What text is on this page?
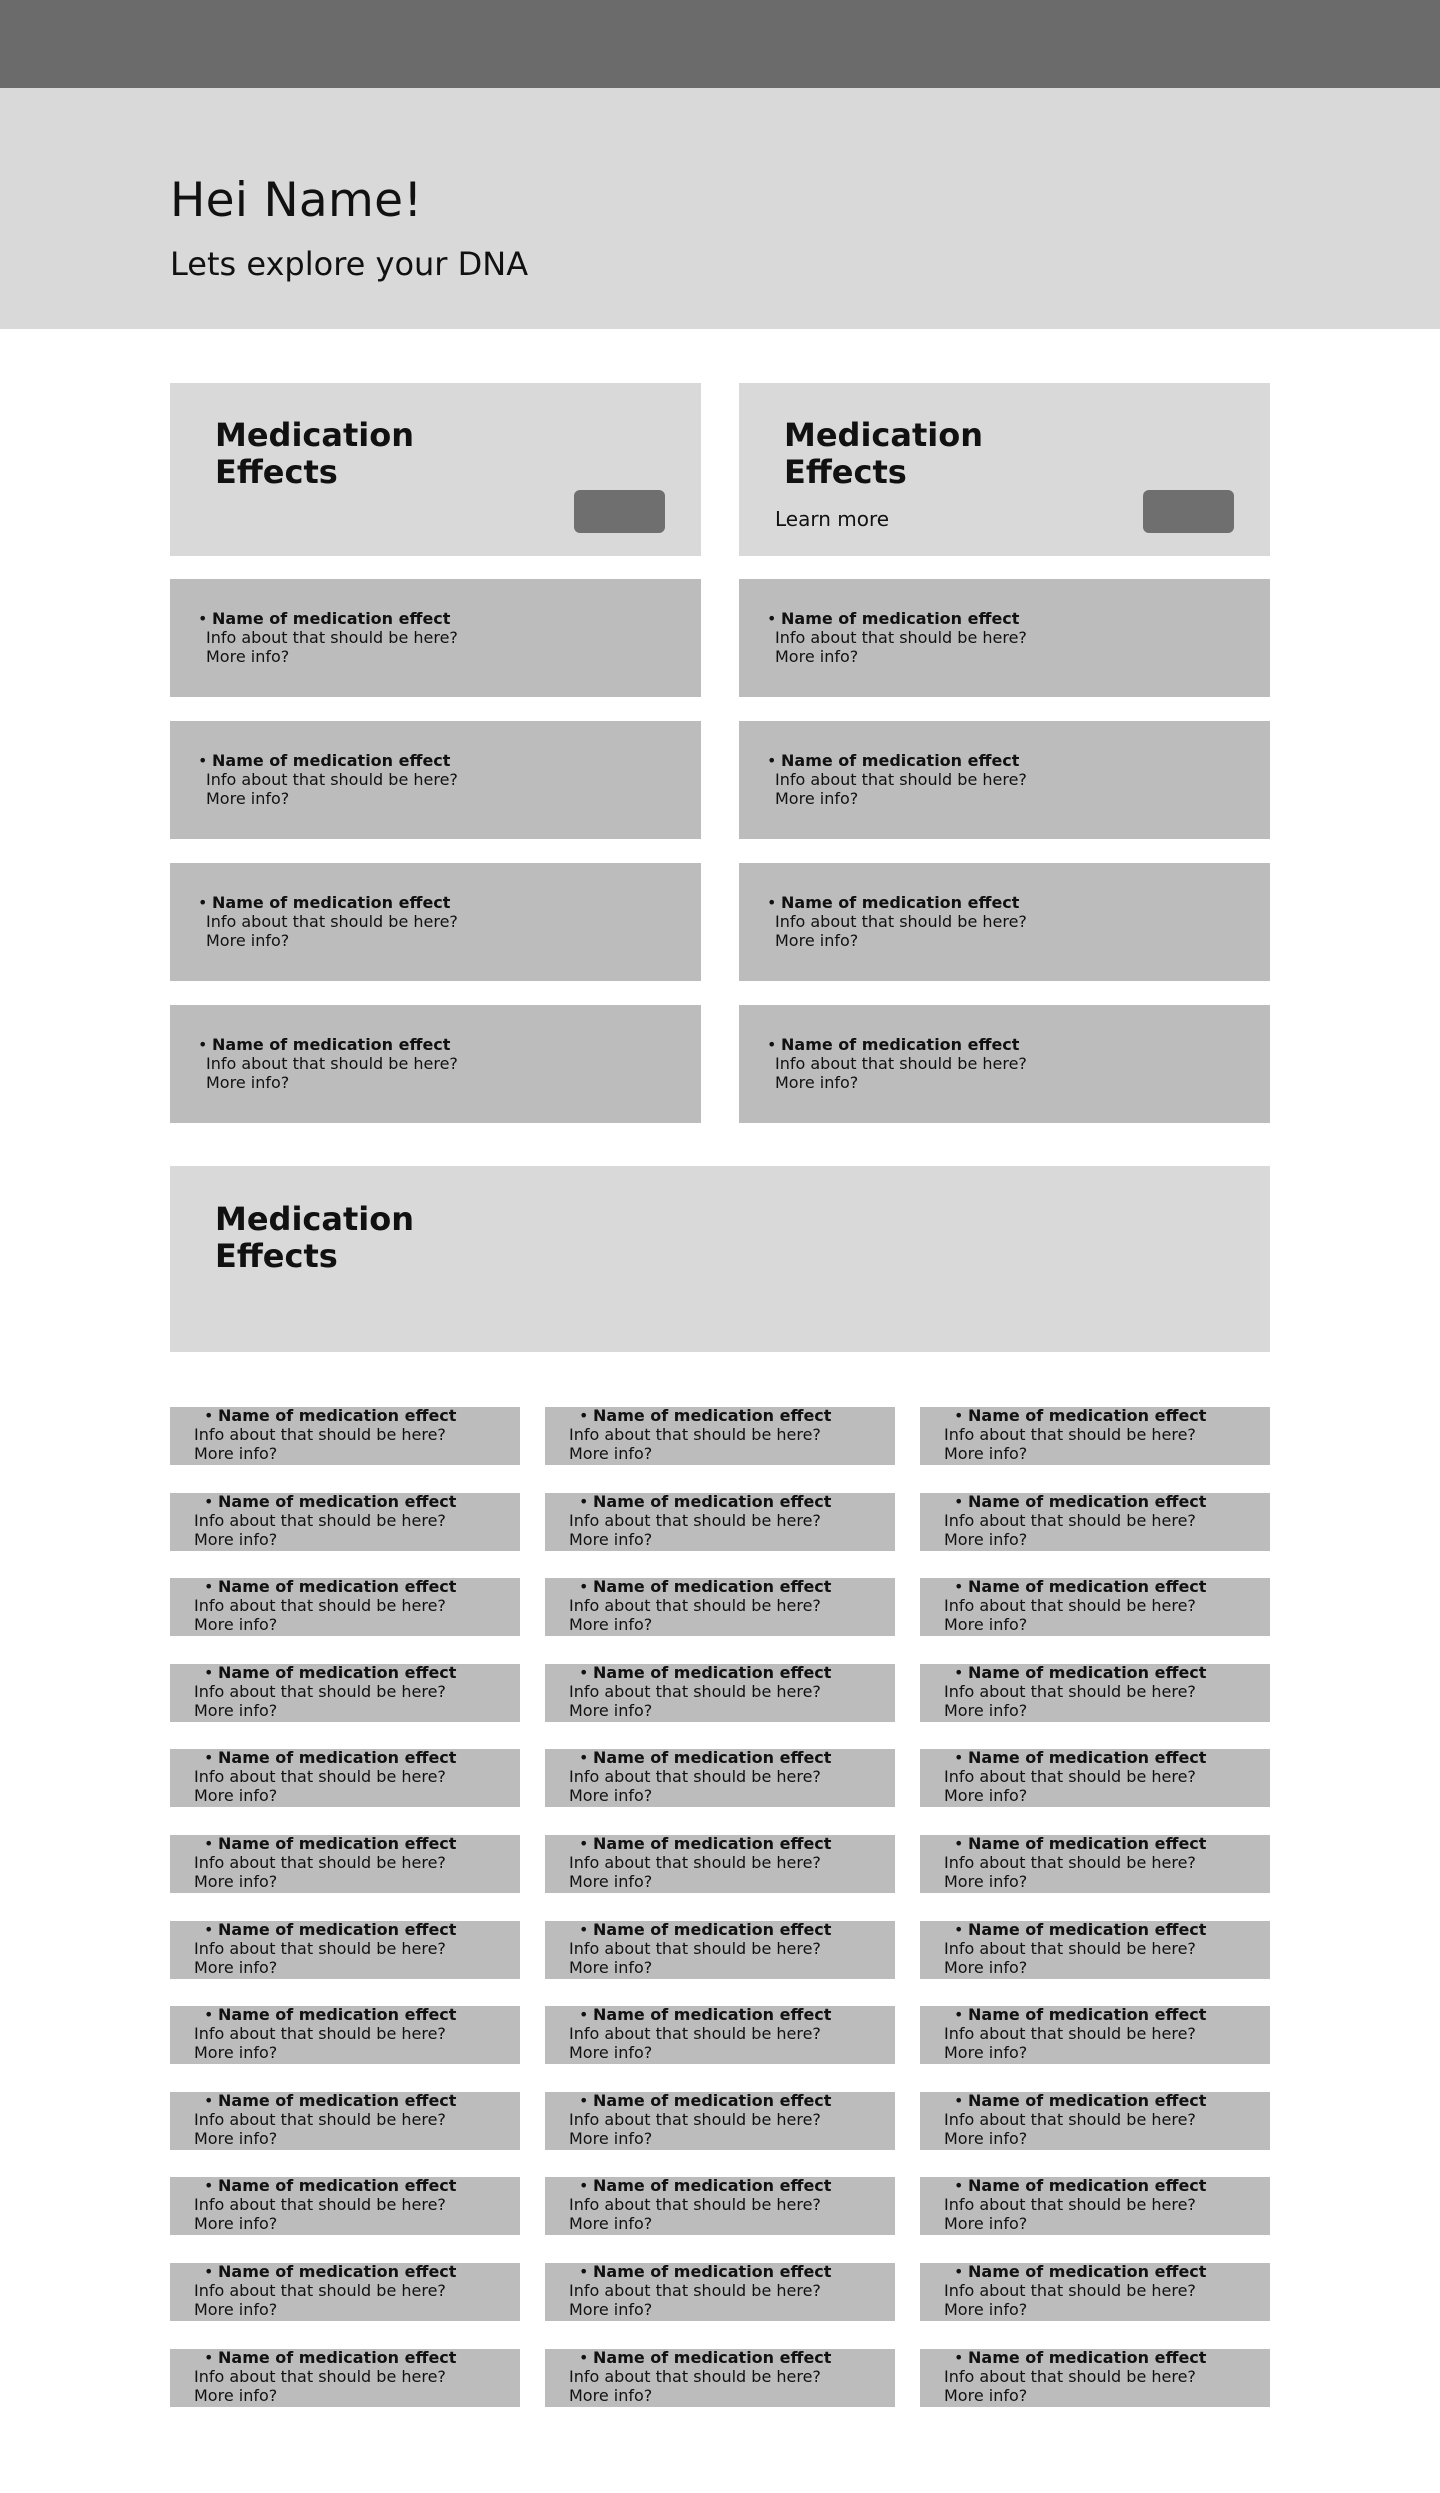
Hei Name!

Lets explore your DNA

Medication
Effects
Medication
Effects
Learn more
Medication
Effects
• Name of medication effect
Info about that should be here?
More info?
• Name of medication effect
Info about that should be here?
More info?
• Name of medication effect
Info about that should be here?
More info?
• Name of medication effect
Info about that should be here?
More info?
• Name of medication effect
Info about that should be here?
More info?
• Name of medication effect
Info about that should be here?
More info?
• Name of medication effect
Info about that should be here?
More info?
• Name of medication effect
Info about that should be here?
More info?
• Name of medication effect
Info about that should be here?
More info?
• Name of medication effect
Info about that should be here?
More info?
• Name of medication effect
Info about that should be here?
More info?
• Name of medication effect
Info about that should be here?
More info?
• Name of medication effect
Info about that should be here?
More info?
• Name of medication effect
Info about that should be here?
More info?
• Name of medication effect
Info about that should be here?
More info?
• Name of medication effect
Info about that should be here?
More info?
• Name of medication effect
Info about that should be here?
More info?
• Name of medication effect
Info about that should be here?
More info?
• Name of medication effect
Info about that should be here?
More info?
• Name of medication effect
Info about that should be here?
More info?
• Name of medication effect
Info about that should be here?
More info?
• Name of medication effect
Info about that should be here?
More info?
• Name of medication effect
Info about that should be here?
More info?
• Name of medication effect
Info about that should be here?
More info?
• Name of medication effect
Info about that should be here?
More info?
• Name of medication effect
Info about that should be here?
More info?
• Name of medication effect
Info about that should be here?
More info?
• Name of medication effect
Info about that should be here?
More info?
• Name of medication effect
Info about that should be here?
More info?
• Name of medication effect
Info about that should be here?
More info?
• Name of medication effect
Info about that should be here?
More info?
• Name of medication effect
Info about that should be here?
More info?
• Name of medication effect
Info about that should be here?
More info?
• Name of medication effect
Info about that should be here?
More info?
• Name of medication effect
Info about that should be here?
More info?
• Name of medication effect
Info about that should be here?
More info?
• Name of medication effect
Info about that should be here?
More info?
• Name of medication effect
Info about that should be here?
More info?
• Name of medication effect
Info about that should be here?
More info?
• Name of medication effect
Info about that should be here?
More info?
• Name of medication effect
Info about that should be here?
More info?
• Name of medication effect
Info about that should be here?
More info?
• Name of medication effect
Info about that should be here?
More info?
• Name of medication effect
Info about that should be here?
More info?
